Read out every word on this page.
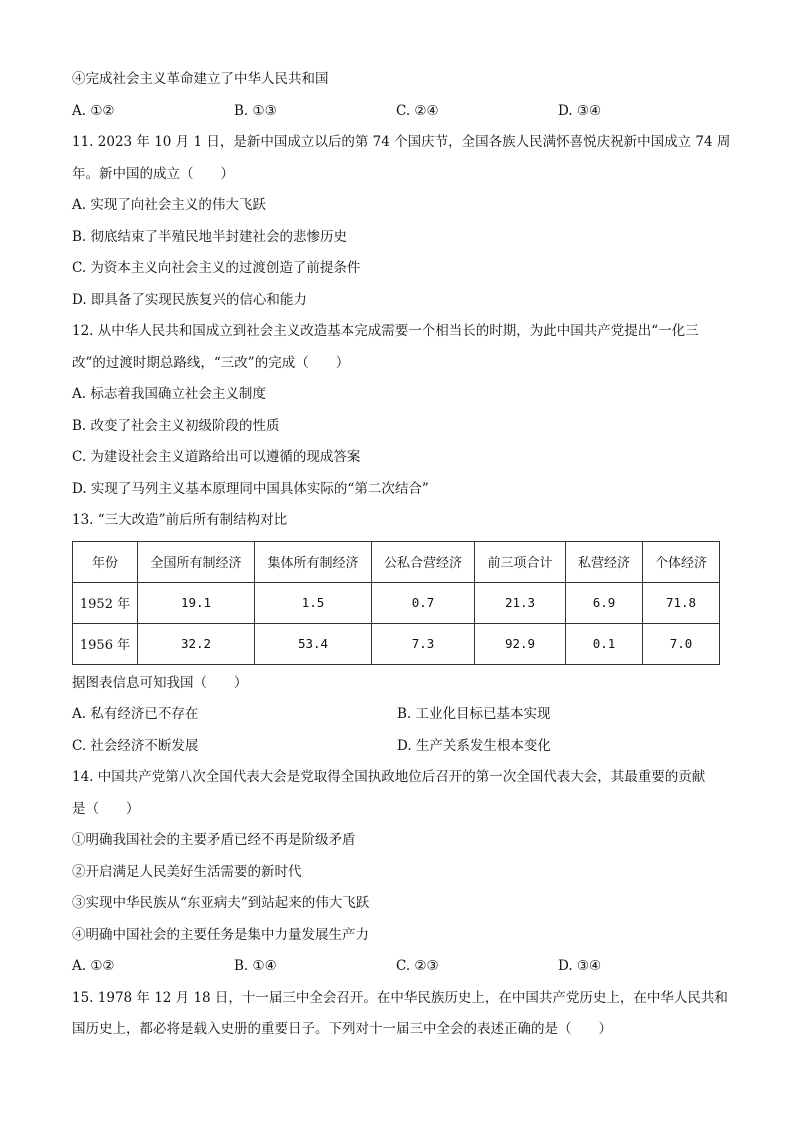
④完成社会主义革命建立了中华人民共和国
A. ①②	B. ①③	C. ②④	D. ③④
11. 2023 年 10 月 1 日，是新中国成立以后的第 74 个国庆节，全国各族人民满怀喜悦庆祝新中国成立 74 周
年。新中国的成立（　　）
A. 实现了向社会主义的伟大飞跃
B. 彻底结束了半殖民地半封建社会的悲惨历史
C. 为资本主义向社会主义的过渡创造了前提条件
D. 即具备了实现民族复兴的信心和能力
12. 从中华人民共和国成立到社会主义改造基本完成需要一个相当长的时期，为此中国共产党提出“一化三
改”的过渡时期总路线，“三改”的完成（　　）
A. 标志着我国确立社会主义制度
B. 改变了社会主义初级阶段的性质
C. 为建设社会主义道路给出可以遵循的现成答案
D. 实现了马列主义基本原理同中国具体实际的“第二次结合”
13. “三大改造”前后所有制结构对比
年份	全国所有制经济	集体所有制经济	公私合营经济	前三项合计	私营经济	个体经济
1952 年	19.1	1.5	0.7	21.3	6.9	71.8
1956 年	32.2	53.4	7.3	92.9	0.1	7.0
据图表信息可知我国（　　）
A. 私有经济已不存在	B. 工业化目标已基本实现
C. 社会经济不断发展	D. 生产关系发生根本变化
14. 中国共产党第八次全国代表大会是党取得全国执政地位后召开的第一次全国代表大会，其最重要的贡献
是（　　）
①明确我国社会的主要矛盾已经不再是阶级矛盾
②开启满足人民美好生活需要的新时代
③实现中华民族从“东亚病夫”到站起来的伟大飞跃
④明确中国社会的主要任务是集中力量发展生产力
A. ①②	B. ①④	C. ②③	D. ③④
15. 1978 年 12 月 18 日，十一届三中全会召开。在中华民族历史上，在中国共产党历史上，在中华人民共和
国历史上，都必将是载入史册的重要日子。下列对十一届三中全会的表述正确的是（　　）
